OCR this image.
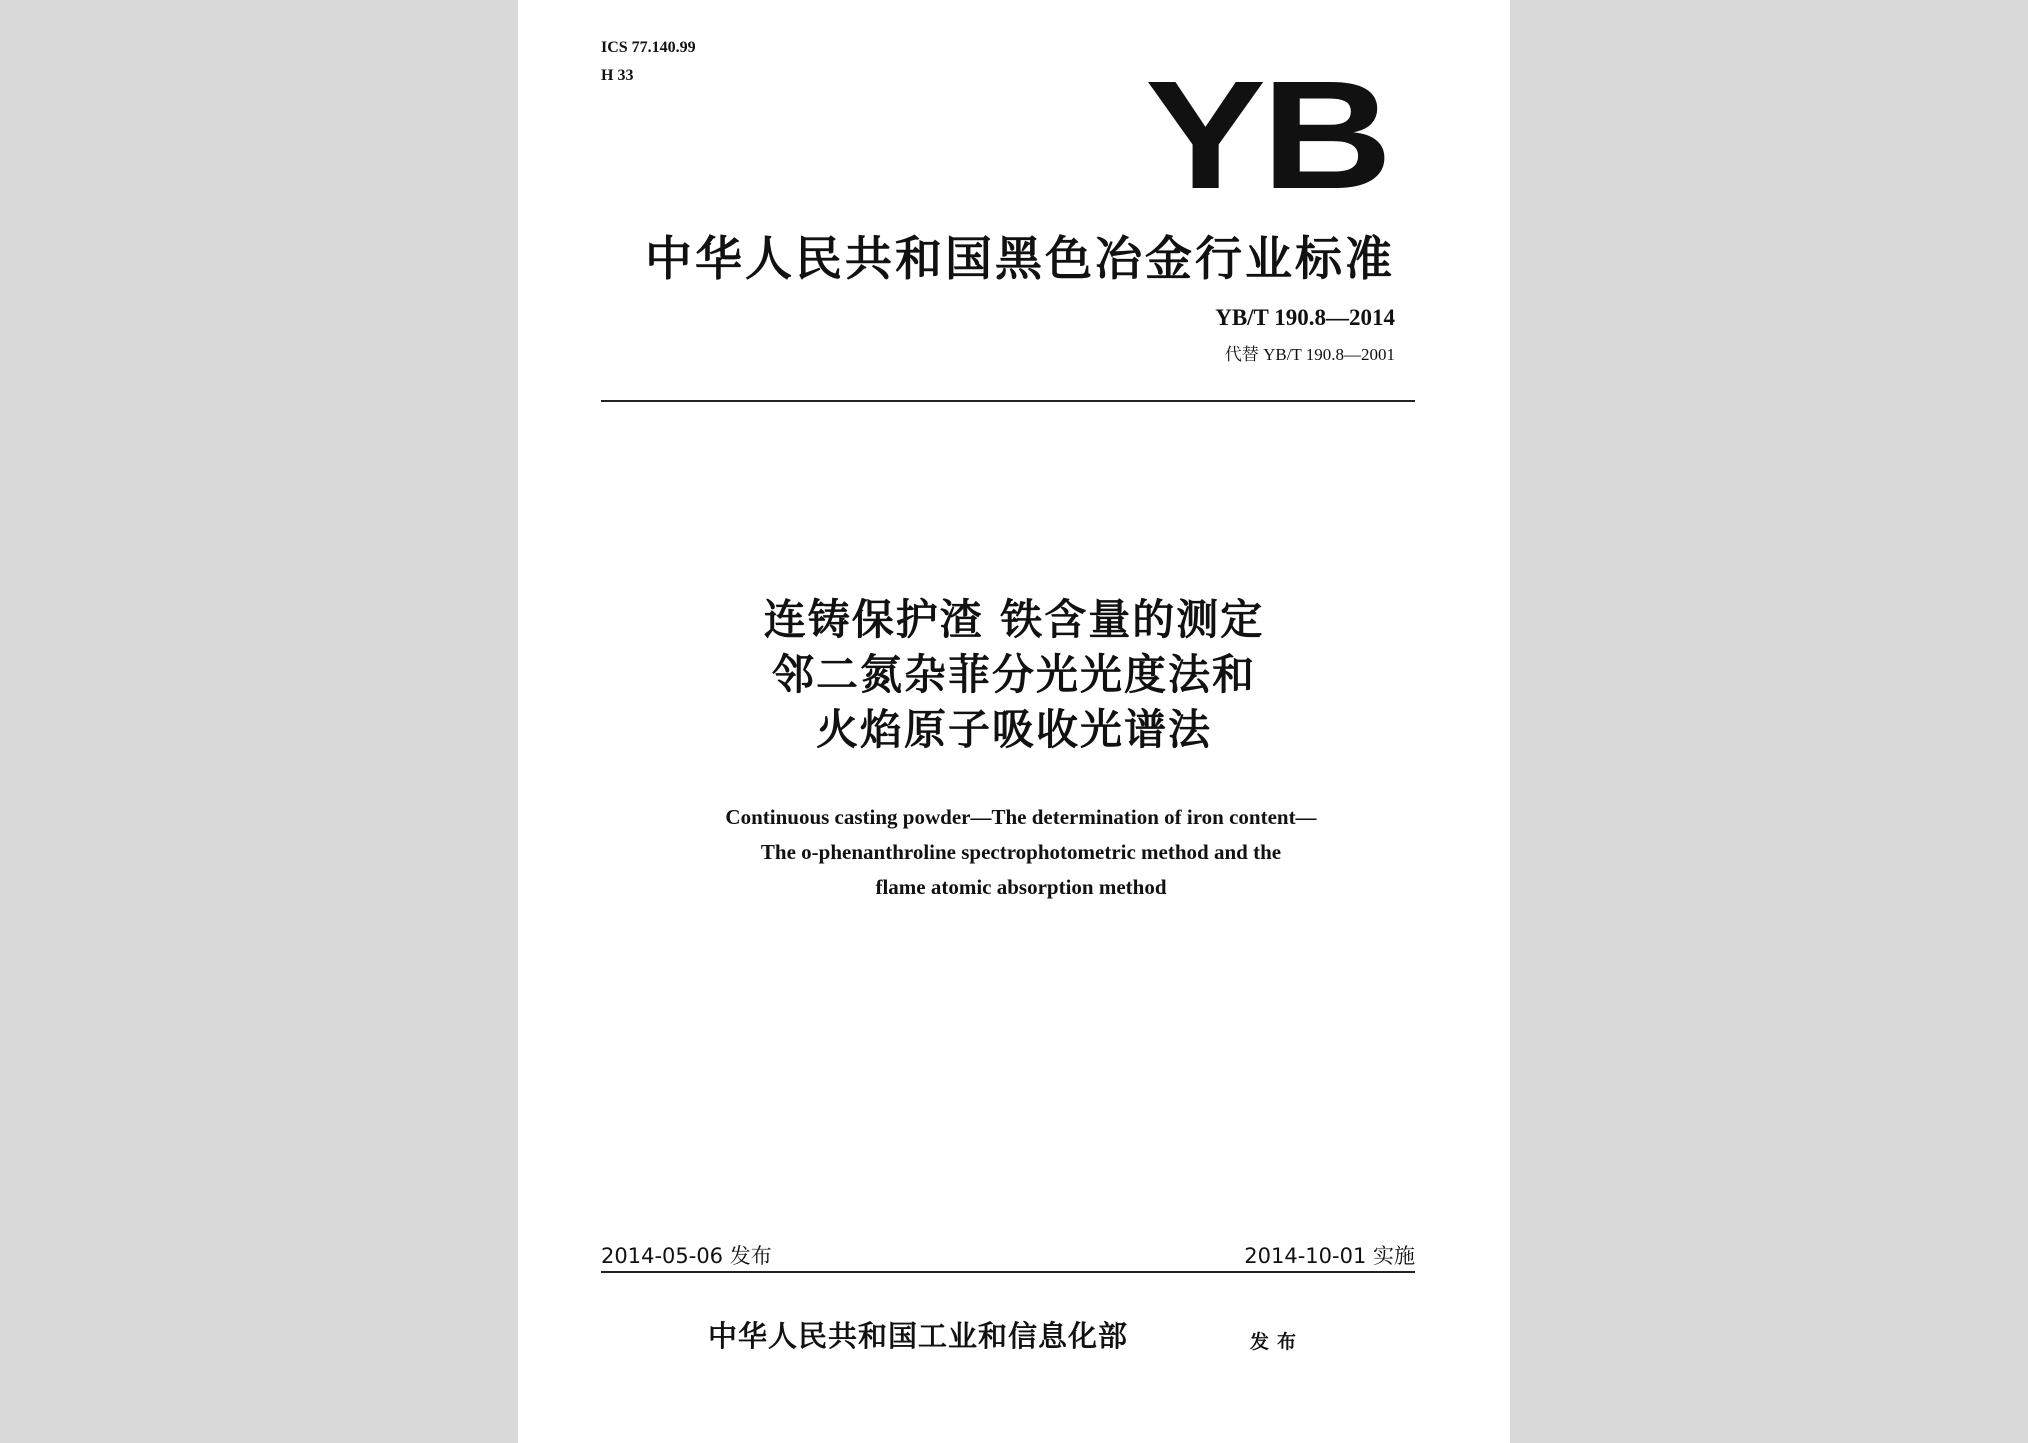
ICS 77.140.99
H 33	YB
中华人民共和国黑色冶金行业标准
YB/T 190.8—2014
代替 YB/T 190.8—2001
连铸保护渣 铁含量的测定
邻二氮杂菲分光光度法和
火焰原子吸收光谱法
Continuous casting powder—The determination of iron content—
The o-phenanthroline spectrophotometric method and the
flame atomic absorption method
2014-05-06 发布	2014-10-01 实施
中华人民共和国工业和信息化部	发布
